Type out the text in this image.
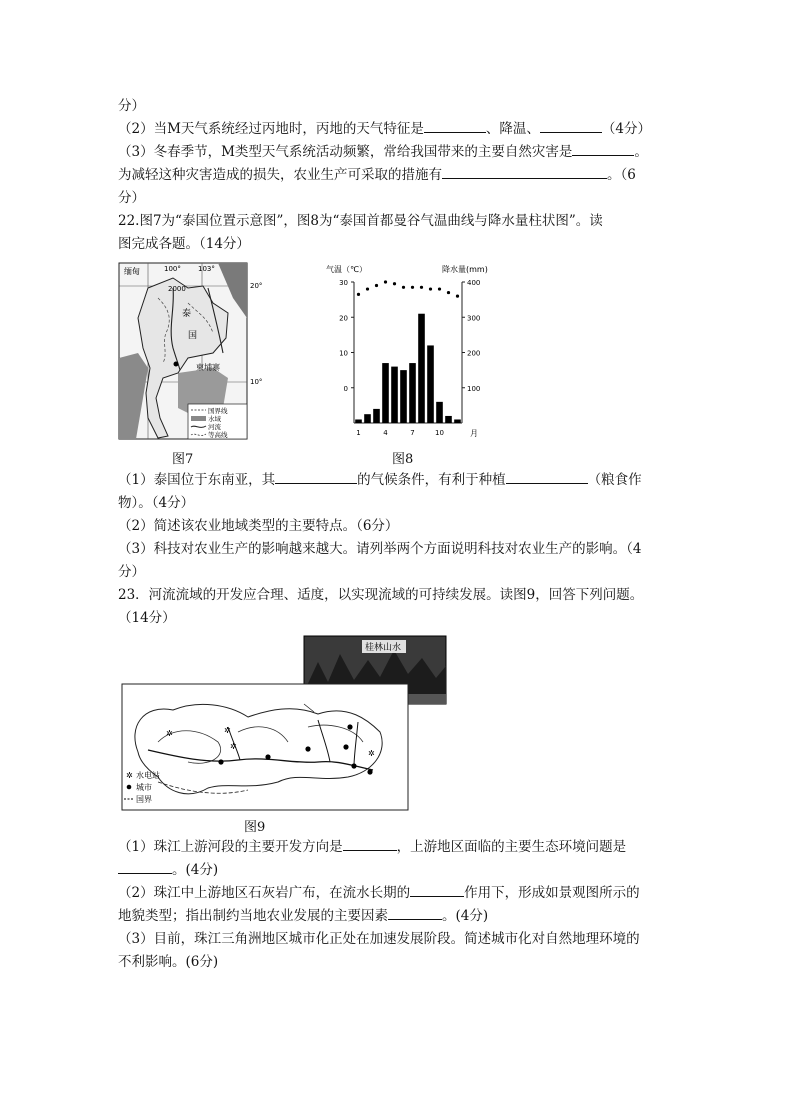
分）
（2）当M天气系统经过丙地时，丙地的天气特征是	、降温、	（4分）
（3）冬春季节，M类型天气系统活动频繁，常给我国带来的主要自然灾害是	。
为减轻这种灾害造成的损失，农业生产可采取的措施有	。（6
分）
22.图7为“泰国位置示意图”，图8为“泰国首都曼谷气温曲线与降水量柱状图”。读
图完成各题。（14分）
缅甸	100° 103°
20°
10°
2000
泰
国
柬埔寨
国界线
水域
河流
等高线
图7
气温（℃）	降水量(mm)
月
30
20
10
0
400
300
200
100
1	4	7	10
图8
（1）泰国位于东南亚，其	的气候条件，有利于种植	（粮食作
物）。（4分）
（2）简述该农业地域类型的主要特点。（6分）
（3）科技对农业生产的影响越来越大。请列举两个方面说明科技对农业生产的影响。（4
分）
23．河流流域的开发应合理、适度，以实现流域的可持续发展。读图9，回答下列问题。
（14分）
桂林山水
✲	✲
✲
✲
✲ 水电站
城市
国界
图9
（1）珠江上游河段的主要开发方向是	，上游地区面临的主要生态环境问题是
。(4分)
（2）珠江中上游地区石灰岩广布，在流水长期的	作用下，形成如景观图所示的
地貌类型；指出制约当地农业发展的主要因素	。(4分)
（3）目前，珠江三角洲地区城市化正处在加速发展阶段。简述城市化对自然地理环境的
不利影响。(6分)
